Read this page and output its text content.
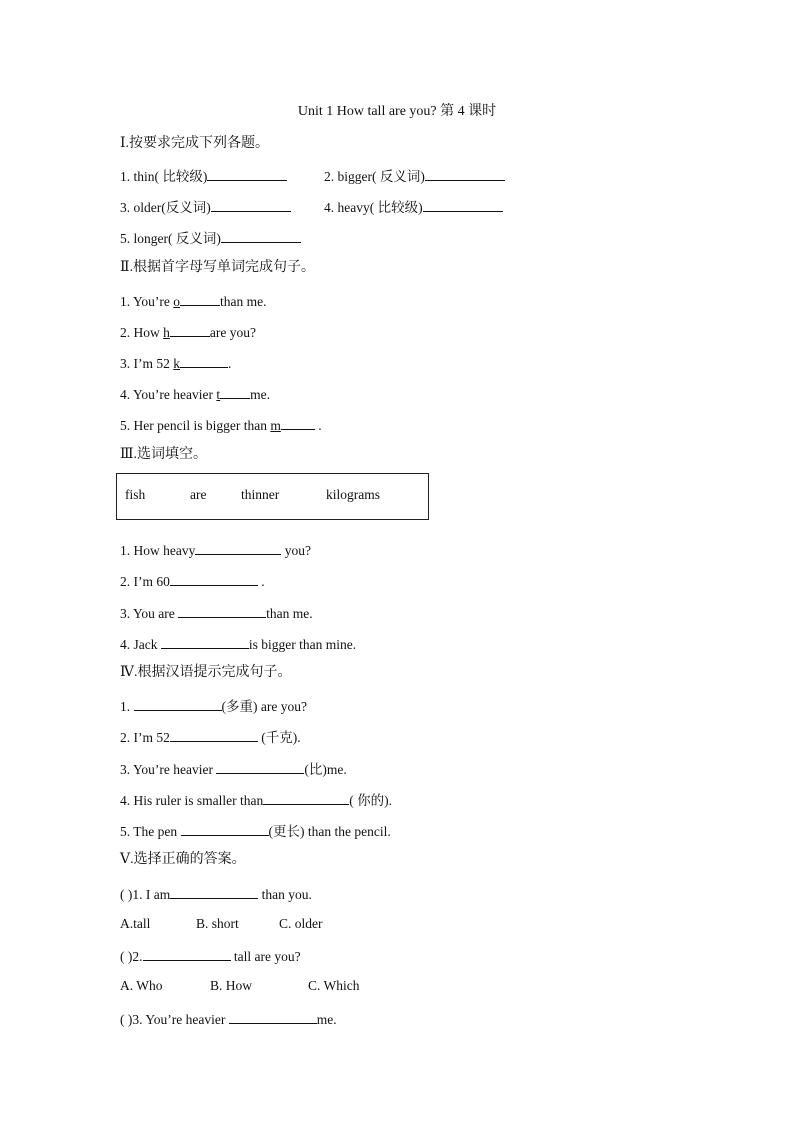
Unit 1 How tall are you? 第 4 课时
Ⅰ.按要求完成下列各题。
1. thin( 比较级)	2. bigger( 反义词)
3. older(反义词)	4. heavy( 比较级)
5. longer( 反义词)
Ⅱ.根据首字母写单词完成句子。
1. You’re o	than me.
2. How h	are you?
3. I’m 52 k	.
4. You’re heavier t me.
5. Her pencil is bigger than m	.
Ⅲ.选词填空。
fish	are	thinner	kilograms
1. How heavy	you?
2. I’m 60	.
3. You are	than me.
4. Jack	is bigger than mine.
Ⅳ.根据汉语提示完成句子。
1.	(多重) are you?
2. I’m 52	(千克).
3. You’re heavier	(比)me.
4. His ruler is smaller than	( 你的).
5. The pen	(更长) than the pencil.
Ⅴ.选择正确的答案。
( )1. I am	than you.
A.tall	B. short	C. older
( )2.	tall are you?
A. Who	B. How	C. Which
( )3. You’re heavier	me.
